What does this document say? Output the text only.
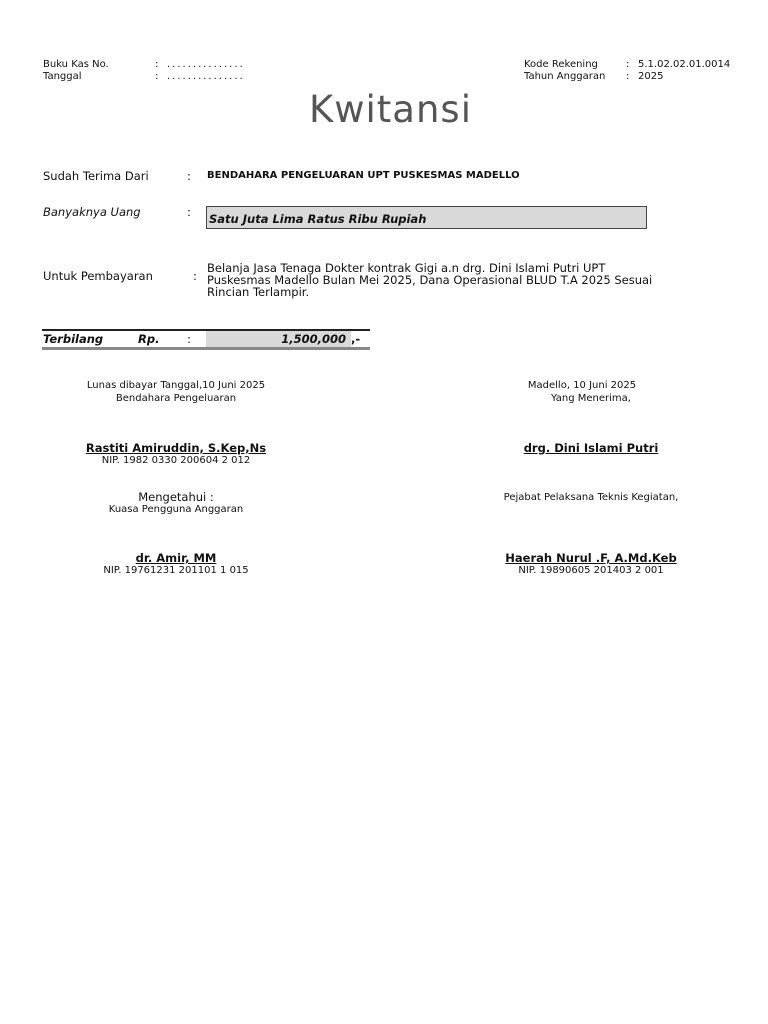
Buku Kas No.	: ...............
Tanggal	: ...............
Kode Rekening	: 5.1.02.02.01.0014
Tahun Anggaran : 2025
Kwitansi
Sudah Terima Dari	: BENDAHARA PENGELUARAN UPT PUSKESMAS MADELLO
Banyaknya Uang	: Satu Juta Lima Ratus Ribu Rupiah
Untuk Pembayaran	:
Belanja Jasa Tenaga Dokter kontrak Gigi a.n drg. Dini Islami Putri UPT Puskesmas Madello Bulan Mei 2025, Dana Operasional BLUD T.A 2025 Sesuai Rincian Terlampir.
Terbilang	Rp. :	1,500,000 ,-
Lunas dibayar Tanggal,10 Juni 2025
Bendahara Pengeluaran
Rastiti Amiruddin, S.Kep,Ns
NIP. 1982 0330 200604 2 012
Madello, 10 Juni 2025
Yang Menerima,
drg. Dini Islami Putri
Mengetahui :
Kuasa Pengguna Anggaran
dr. Amir, MM
NIP. 19761231 201101 1 015
Pejabat Pelaksana Teknis Kegiatan,
Haerah Nurul .F, A.Md.Keb
NIP. 19890605 201403 2 001
